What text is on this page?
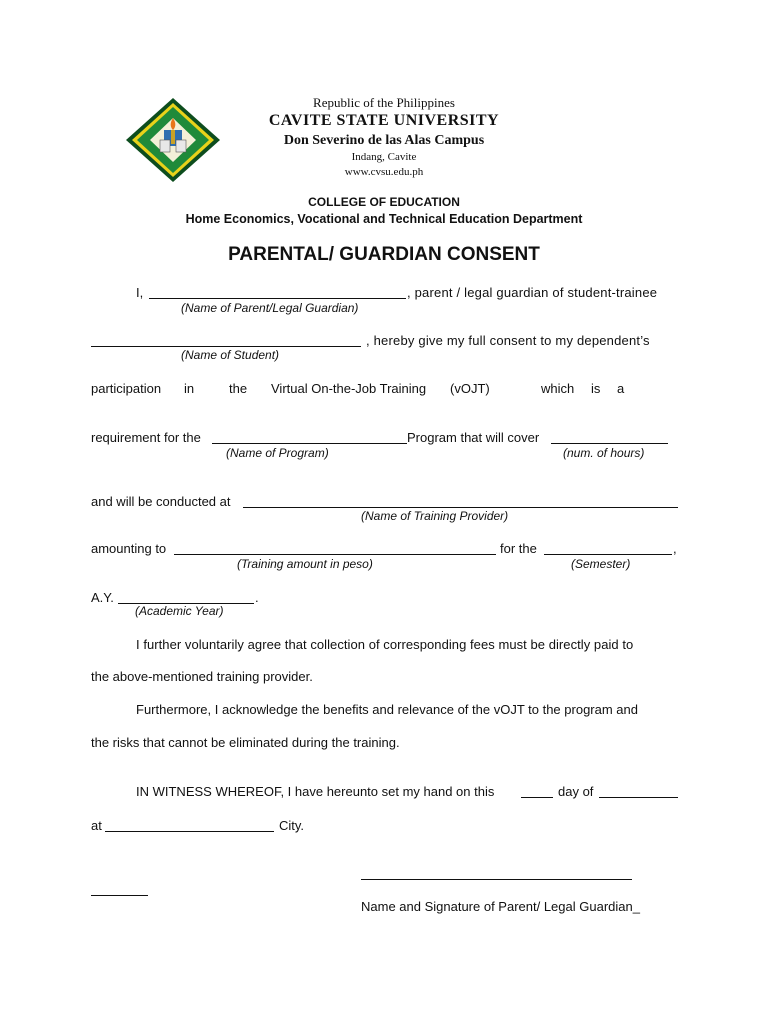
Republic of the Philippines
CAVITE STATE UNIVERSITY
Don Severino de las Alas Campus
Indang, Cavite
www.cvsu.edu.ph
COLLEGE OF EDUCATION
Home Economics, Vocational and Technical Education Department
PARENTAL/ GUARDIAN CONSENT
I,	, parent / legal guardian of student-trainee
(Name of Parent/Legal Guardian)
, hereby give my full consent to my dependent’s
(Name of Student)
participation in	the Virtual On-the-Job Training (vOJT)	which is a
requirement for the	Program that will cover
(Name of Program)	(num. of hours)
and will be conducted at
(Name of Training Provider)
amounting to	for the	,
(Training amount in peso)	(Semester)
A.Y.	.
(Academic Year)
I further voluntarily agree that collection of corresponding fees must be directly paid to
the above-mentioned training provider.
Furthermore, I acknowledge the benefits and relevance of the vOJT to the program and
the risks that cannot be eliminated during the training.
IN WITNESS WHEREOF, I have hereunto set my hand on this	day of
at	City.
Name and Signature of Parent/ Legal Guardian_
